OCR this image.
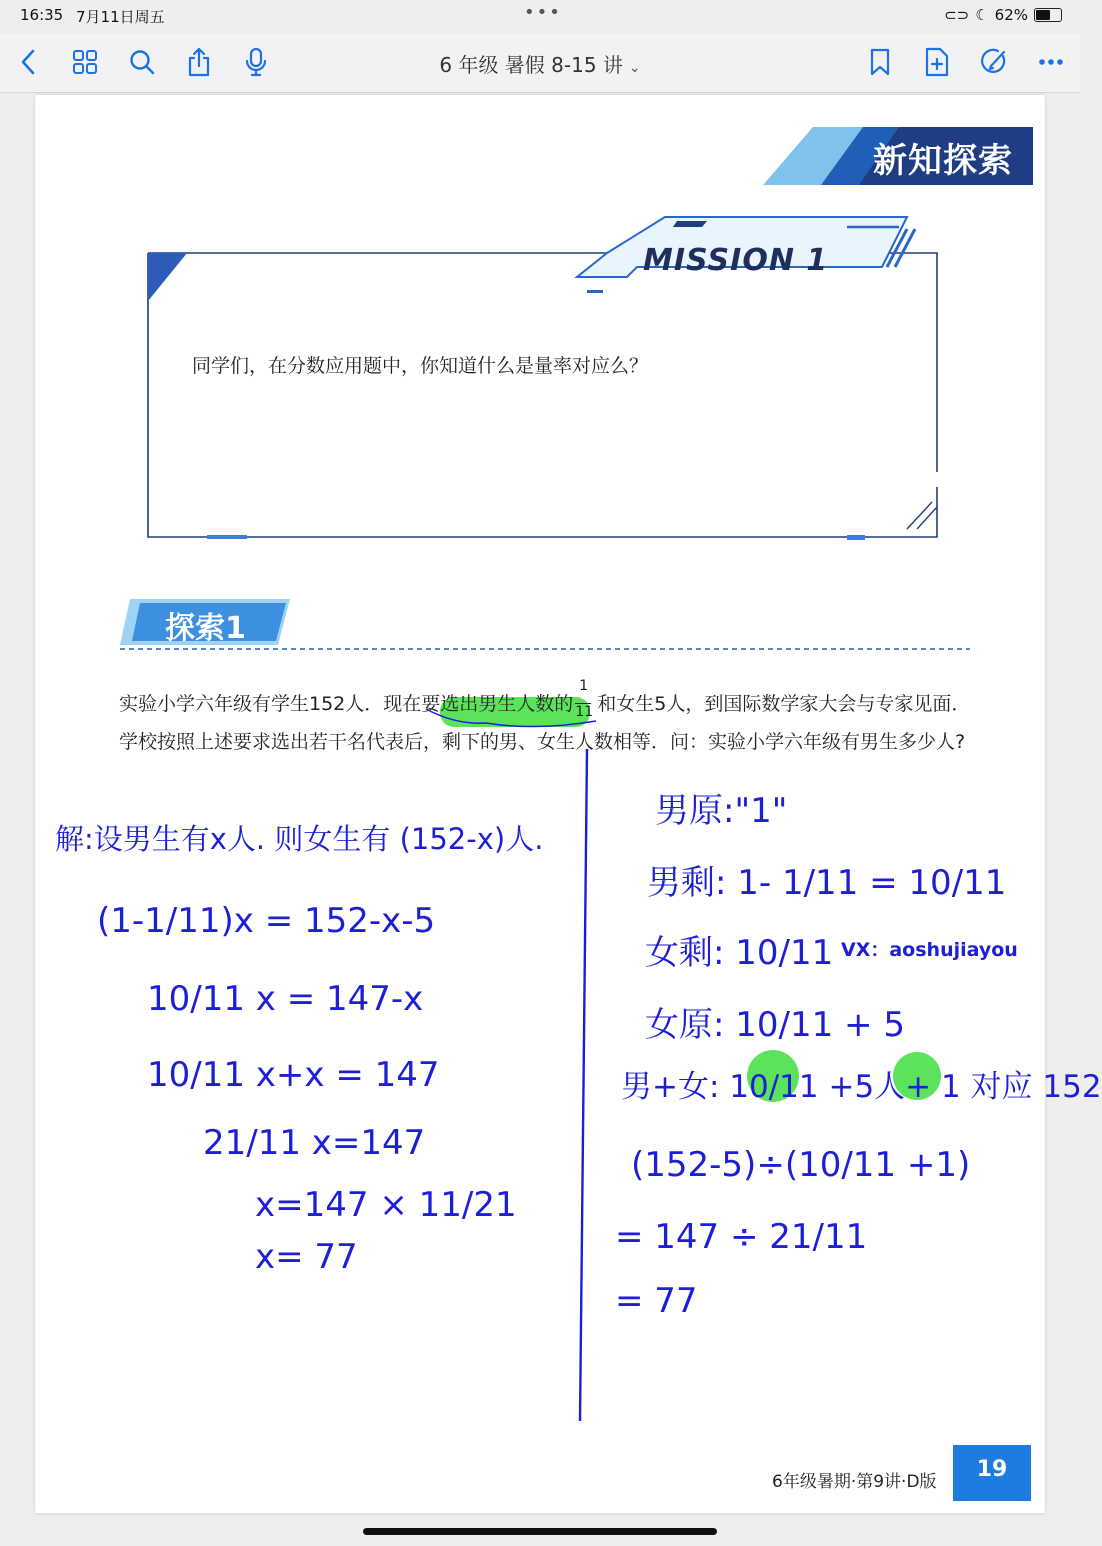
16:35 7月11日周五	•••	⊂⊃ ☾ 62%
6 年级 暑假 8-15 讲 ⌄
新知探索
MISSION 1
同学们，在分数应用题中，你知道什么是量率对应么？
探索1
实验小学六年级有学生152人．现在要
选出男生人数的 $\frac{1}{11}$ 和女生5人，到国际数学家大会与专家见面．学校按照上述要求选出若干名代表后，剩下的男、女生人数相等．问：实验小学六年级有男生多少人?
解:设男生有x人. 则女生有 (152-x)人.
(1-1/11)x = 152-x-5
10/11 x = 147-x
10/11 x+x = 147
21/11 x=147
x=147 × 11/21
x= 77
男原:"1"
男剩: 1- 1/11 = 10/11
女剩: 10/11
女原: 10/11 + 5
男+女: 10/11 +5人+ 1 对应 152
(152-5)÷(10/11 +1)
= 147 ÷ 21/11
= 77
VX：aoshujiayou
6年级暑期·第9讲·D版	19
